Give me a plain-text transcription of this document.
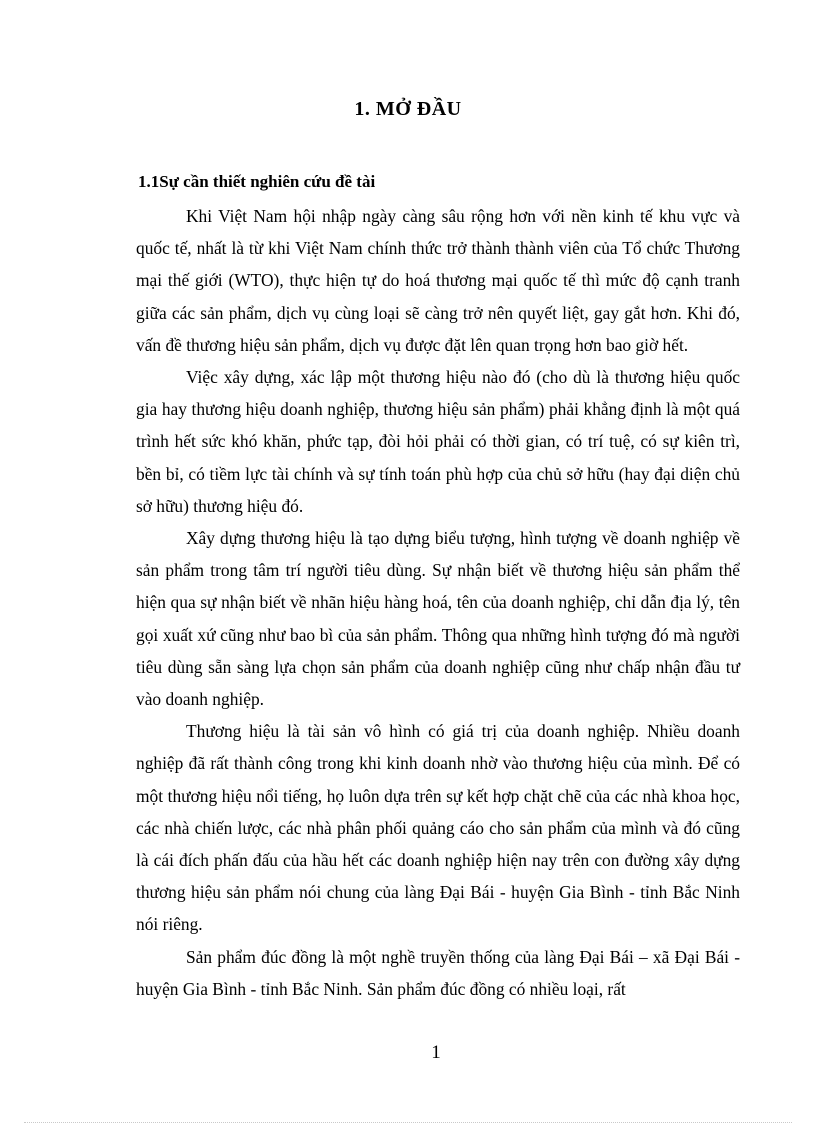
1. MỞ ĐẦU
1.1Sự cần thiết nghiên cứu đề tài

Khi Việt Nam hội nhập ngày càng sâu rộng hơn với nền kinh tế khu vực và quốc tế, nhất là từ khi Việt Nam chính thức trở thành thành viên của Tổ chức Thương mại thế giới (WTO), thực hiện tự do hoá thương mại quốc tế thì mức độ cạnh tranh giữa các sản phẩm, dịch vụ cùng loại sẽ càng trở nên quyết liệt, gay gắt hơn. Khi đó, vấn đề thương hiệu sản phẩm, dịch vụ được đặt lên quan trọng hơn bao giờ hết.

Việc xây dựng, xác lập một thương hiệu nào đó (cho dù là thương hiệu quốc gia hay thương hiệu doanh nghiệp, thương hiệu sản phẩm) phải khẳng định là một quá trình hết sức khó khăn, phức tạp, đòi hỏi phải có thời gian, có trí tuệ, có sự kiên trì, bền bỉ, có tiềm lực tài chính và sự tính toán phù hợp của chủ sở hữu (hay đại diện chủ sở hữu) thương hiệu đó.

Xây dựng thương hiệu là tạo dựng biểu tượng, hình tượng về doanh nghiệp về sản phẩm trong tâm trí người tiêu dùng. Sự nhận biết về thương hiệu sản phẩm thể hiện qua sự nhận biết về nhãn hiệu hàng hoá, tên của doanh nghiệp, chỉ dẫn địa lý, tên gọi xuất xứ cũng như bao bì của sản phẩm. Thông qua những hình tượng đó mà người tiêu dùng sẵn sàng lựa chọn sản phẩm của doanh nghiệp cũng như chấp nhận đầu tư vào doanh nghiệp.

Thương hiệu là tài sản vô hình có giá trị của doanh nghiệp. Nhiều doanh nghiệp đã rất thành công trong khi kinh doanh nhờ vào thương hiệu của mình. Để có một thương hiệu nổi tiếng, họ luôn dựa trên sự kết hợp chặt chẽ của các nhà khoa học, các nhà chiến lược, các nhà phân phối quảng cáo cho sản phẩm của mình và đó cũng là cái đích phấn đấu của hầu hết các doanh nghiệp hiện nay trên con đường xây dựng thương hiệu sản phẩm nói chung của làng Đại Bái - huyện Gia Bình - tỉnh Bắc Ninh nói riêng.

Sản phẩm đúc đồng là một nghề truyền thống của làng Đại Bái – xã Đại Bái - huyện Gia Bình - tỉnh Bắc Ninh. Sản phẩm đúc đồng có nhiều loại, rất

1
